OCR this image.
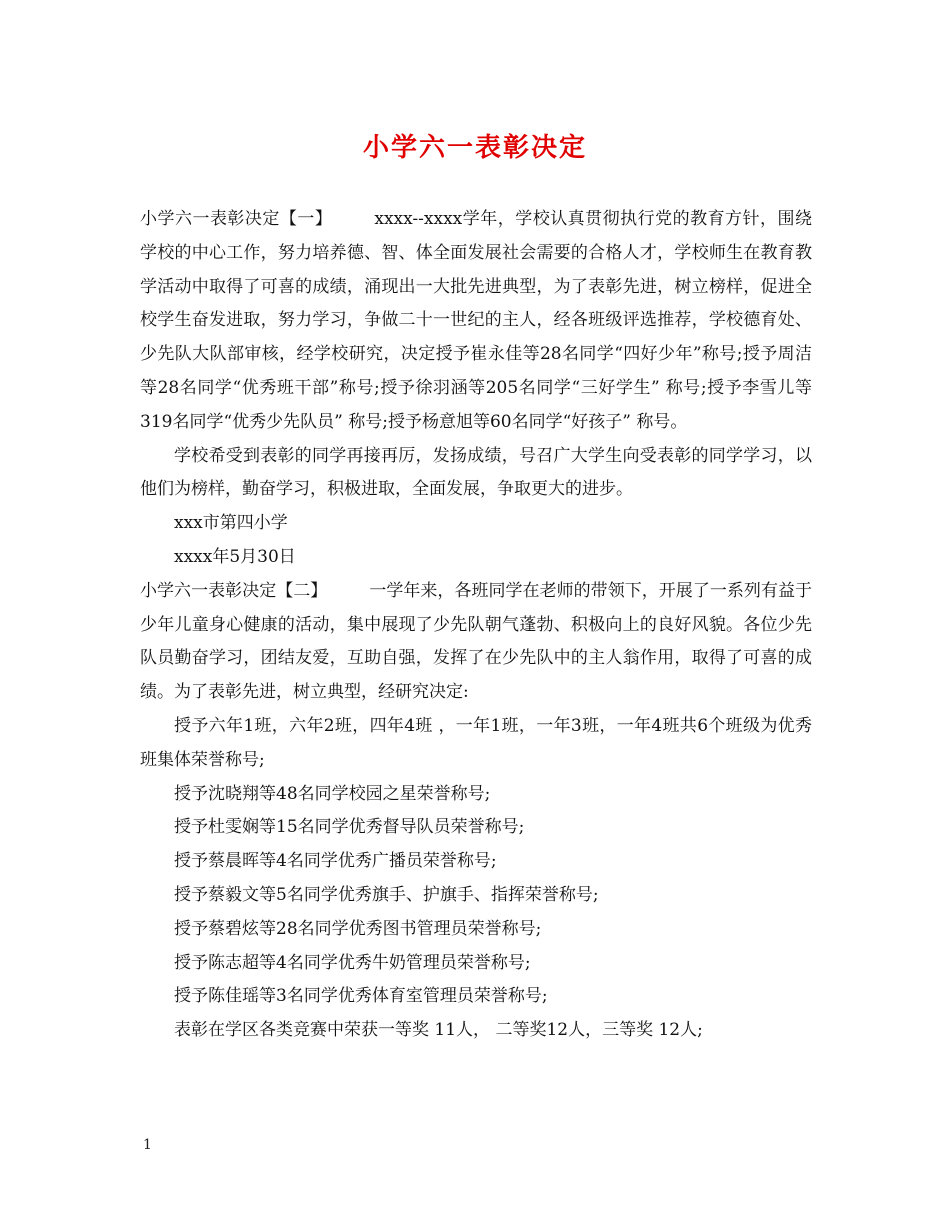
小学六一表彰决定

小学六一表彰决定【一】 xxxx--xxxx学年，学校认真贯彻执行党的教育方针，围绕学校的中心工作，努力培养德、智、体全面发展社会需要的合格人才，学校师生在教育教学活动中取得了可喜的成绩，涌现出一大批先进典型，为了表彰先进，树立榜样，促进全校学生奋发进取，努力学习，争做二十一世纪的主人，经各班级评选推荐，学校德育处、少先队大队部审核，经学校研究，决定授予崔永佳等28名同学“四好少年”称号;授予周洁等28名同学“优秀班干部”称号;授予徐羽涵等205名同学“三好学生” 称号;授予李雪儿等319名同学“优秀少先队员” 称号;授予杨意旭等60名同学“好孩子” 称号。

学校希受到表彰的同学再接再厉，发扬成绩，号召广大学生向受表彰的同学学习，以他们为榜样，勤奋学习，积极进取，全面发展，争取更大的进步。

xxx市第四小学

xxxx年5月30日

小学六一表彰决定【二】 一学年来，各班同学在老师的带领下，开展了一系列有益于少年儿童身心健康的活动，集中展现了少先队朝气蓬勃、积极向上的良好风貌。各位少先队员勤奋学习，团结友爱，互助自强，发挥了在少先队中的主人翁作用，取得了可喜的成绩。为了表彰先进，树立典型，经研究决定:

授予六年1班，六年2班，四年4班 ，一年1班，一年3班，一年4班共6个班级为优秀班集体荣誉称号;

授予沈晓翔等48名同学校园之星荣誉称号;

授予杜雯娴等15名同学优秀督导队员荣誉称号;

授予蔡晨晖等4名同学优秀广播员荣誉称号;

授予蔡毅文等5名同学优秀旗手、护旗手、指挥荣誉称号;

授予蔡碧炫等28名同学优秀图书管理员荣誉称号;

授予陈志超等4名同学优秀牛奶管理员荣誉称号;

授予陈佳瑶等3名同学优秀体育室管理员荣誉称号;

表彰在学区各类竞赛中荣获一等奖 11人， 二等奖12人，三等奖 12人;

1
